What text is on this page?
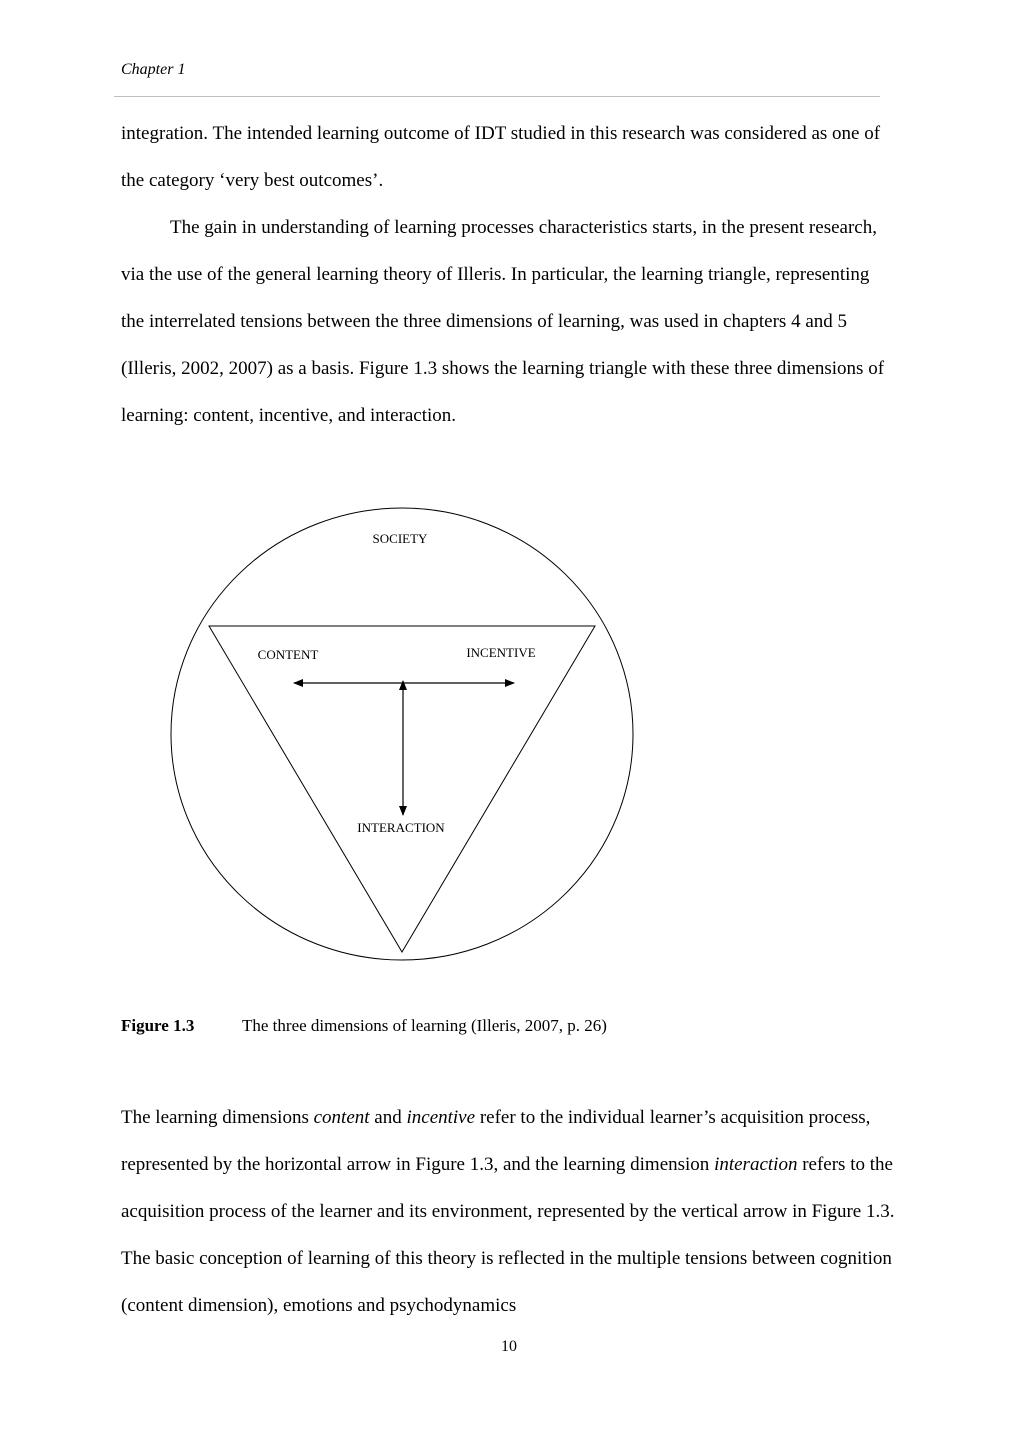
Chapter 1

integration. The intended learning outcome of IDT studied in this research was considered as one of the category ‘very best outcomes’.

The gain in understanding of learning processes characteristics starts, in the present research, via the use of the general learning theory of Illeris. In particular, the learning triangle, representing the interrelated tensions between the three dimensions of learning, was used in chapters 4 and 5 (Illeris, 2002, 2007) as a basis. Figure 1.3 shows the learning triangle with these three dimensions of learning: content, incentive, and interaction.

SOCIETY
CONTENT	INCENTIVE
INTERACTION
Figure 1.3	The three dimensions of learning (Illeris, 2007, p. 26)

The learning dimensions content and incentive refer to the individual learner’s acquisition process, represented by the horizontal arrow in Figure 1.3, and the learning dimension interaction refers to the acquisition process of the learner and its environment, represented by the vertical arrow in Figure 1.3. The basic conception of learning of this theory is reflected in the multiple tensions between cognition (content dimension), emotions and psychodynamics

10
